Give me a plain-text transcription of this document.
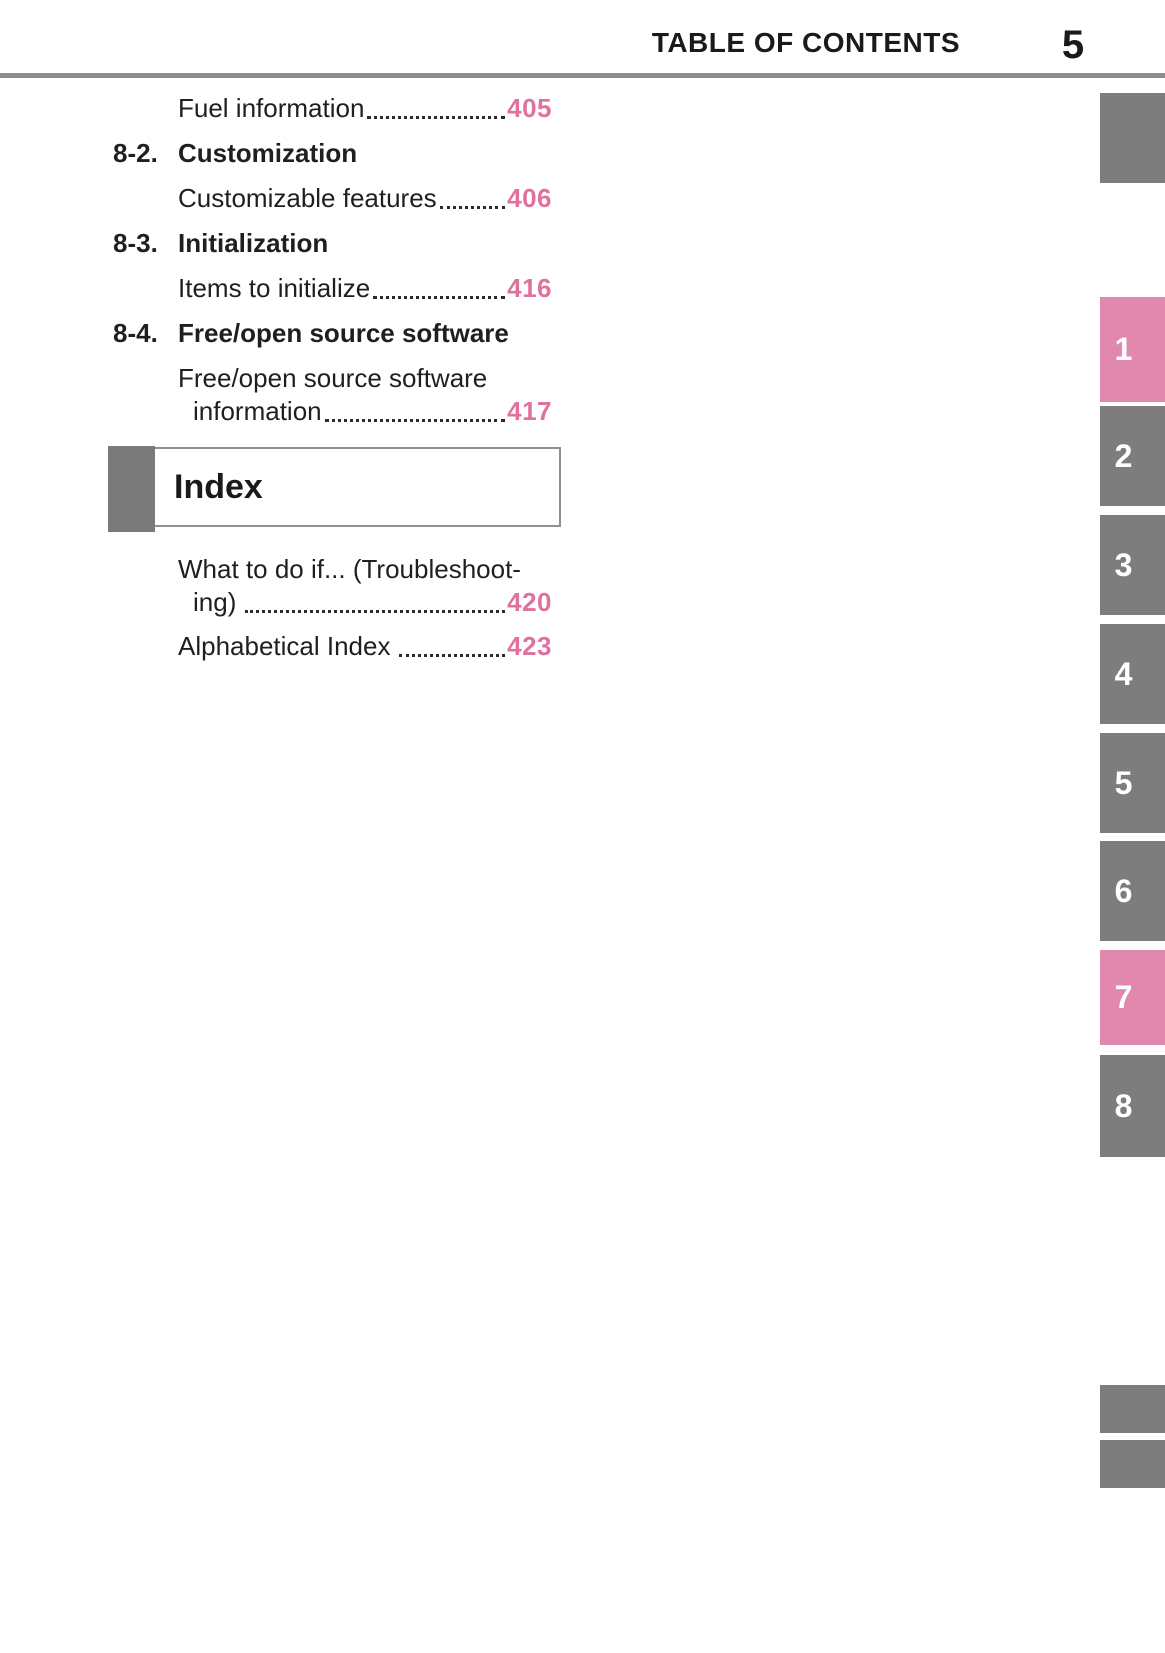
TABLE OF CONTENTS	5
Fuel information	405
8-2. Customization
Customizable features	406
8-3. Initialization
Items to initialize	416
8-4. Free/open source software
Free/open source software
information	417
Index
What to do if... (Troubleshoot-
ing)	420
Alphabetical Index	423
1
2
3
4
5
6
7
8
